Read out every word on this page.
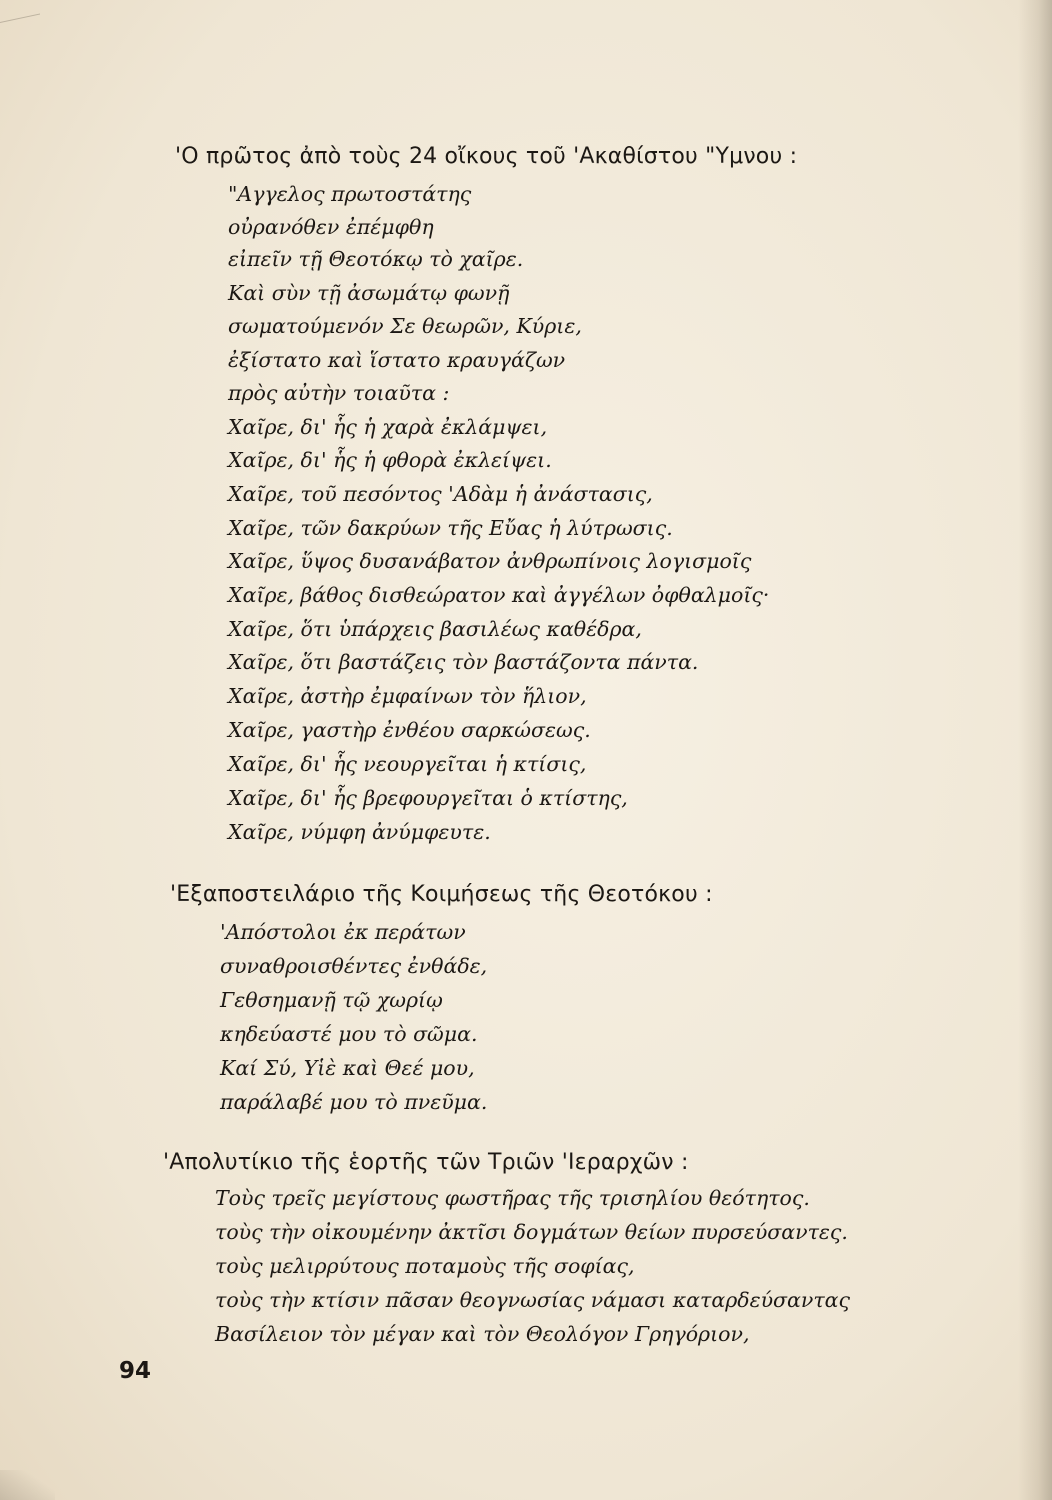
'Ο πρῶτος ἀπὸ τοὺς 24 οἴκους τοῦ 'Ακαθίστου "Υμνου :
"Αγγελος πρωτοστάτης
οὐρανόθεν ἐπέμφθη
εἰπεῖν τῇ Θεοτόκῳ τὸ χαῖρε.
Καὶ σὺν τῇ ἀσωμάτῳ φωνῇ
σωματούμενόν Σε θεωρῶν, Κύριε,
ἐξίστατο καὶ ἵστατο κραυγάζων
πρὸς αὐτὴν τοιαῦτα :
Χαῖρε, δι' ἧς ἡ χαρὰ ἐκλάμψει,
Χαῖρε, δι' ἧς ἡ φθορὰ ἐκλείψει.
Χαῖρε, τοῦ πεσόντος 'Αδὰμ ἡ ἀνάστασις,
Χαῖρε, τῶν δακρύων τῆς Εὔας ἡ λύτρωσις.
Χαῖρε, ὕψος δυσανάβατον ἀνθρωπίνοις λογισμοῖς
Χαῖρε, βάθος δισθεώρατον καὶ ἀγγέλων ὀφθαλμοῖς·
Χαῖρε, ὅτι ὑπάρχεις βασιλέως καθέδρα,
Χαῖρε, ὅτι βαστάζεις τὸν βαστάζοντα πάντα.
Χαῖρε, ἀστὴρ ἐμφαίνων τὸν ἥλιον,
Χαῖρε, γαστὴρ ἐνθέου σαρκώσεως.
Χαῖρε, δι' ἧς νεουργεῖται ἡ κτίσις,
Χαῖρε, δι' ἧς βρεφουργεῖται ὁ κτίστης,
Χαῖρε, νύμφη ἀνύμφευτε.
'Εξαποστειλάριο τῆς Κοιμήσεως τῆς Θεοτόκου :
'Απόστολοι ἐκ περάτων
συναθροισθέντες ἐνθάδε,
Γεθσημανῇ τῷ χωρίῳ
κηδεύαστέ μου τὸ σῶμα.
Καί Σύ, Υἱὲ καὶ Θεέ μου,
παράλαβέ μου τὸ πνεῦμα.
'Απολυτίκιο τῆς ἑορτῆς τῶν Τριῶν 'Ιεραρχῶν :
Τοὺς τρεῖς μεγίστους φωστῆρας τῆς τρισηλίου θεότητος.
τοὺς τὴν οἰκουμένην ἀκτῖσι δογμάτων θείων πυρσεύσαντες.
τοὺς μελιρρύτους ποταμοὺς τῆς σοφίας,
τοὺς τὴν κτίσιν πᾶσαν θεογνωσίας νάμασι καταρδεύσαντας
Βασίλειον τὸν μέγαν καὶ τὸν Θεολόγον Γρηγόριον,
94
